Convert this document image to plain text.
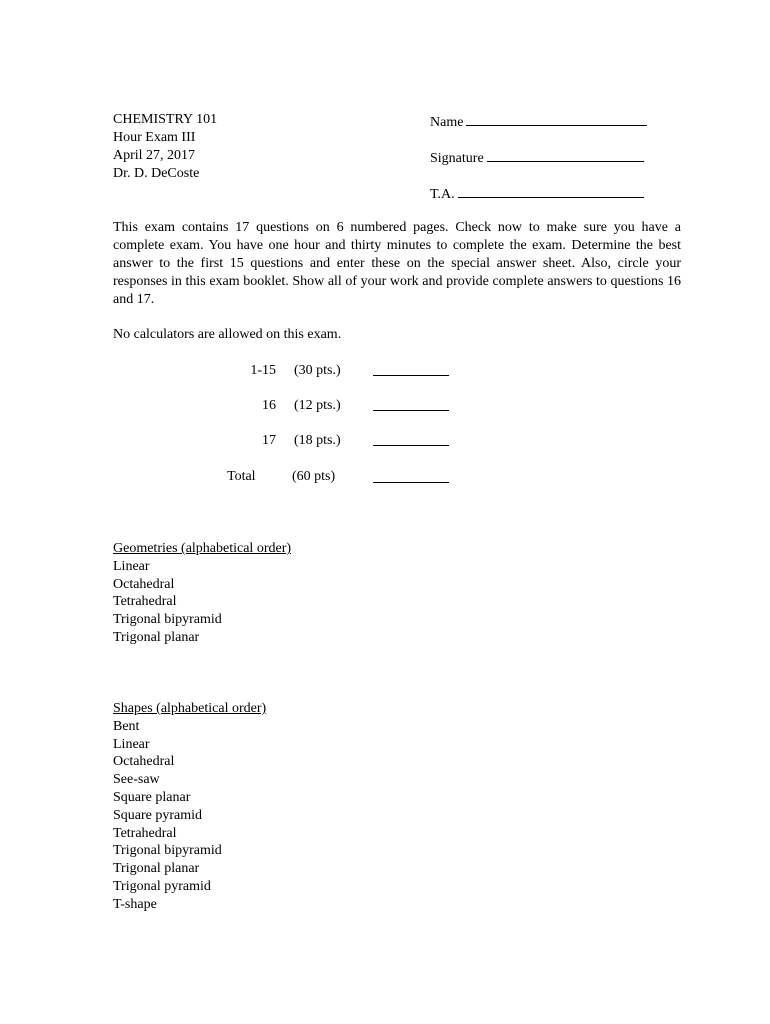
CHEMISTRY 101
Hour Exam III
April 27, 2017
Dr. D. DeCoste
Name
Signature
T.A.
This exam contains 17 questions on 6 numbered pages. Check now to make sure you have a complete exam. You have one hour and thirty minutes to complete the exam. Determine the best answer to the first 15 questions and enter these on the special answer sheet. Also, circle your responses in this exam booklet. Show all of your work and provide complete answers to questions 16 and 17.
No calculators are allowed on this exam.
1-15 (30 pts.)
16 (12 pts.)
17 (18 pts.)
Total	(60 pts)
Geometries (alphabetical order)
Linear
Octahedral
Tetrahedral
Trigonal bipyramid
Trigonal planar
Shapes (alphabetical order)
Bent
Linear
Octahedral
See-saw
Square planar
Square pyramid
Tetrahedral
Trigonal bipyramid
Trigonal planar
Trigonal pyramid
T-shape
